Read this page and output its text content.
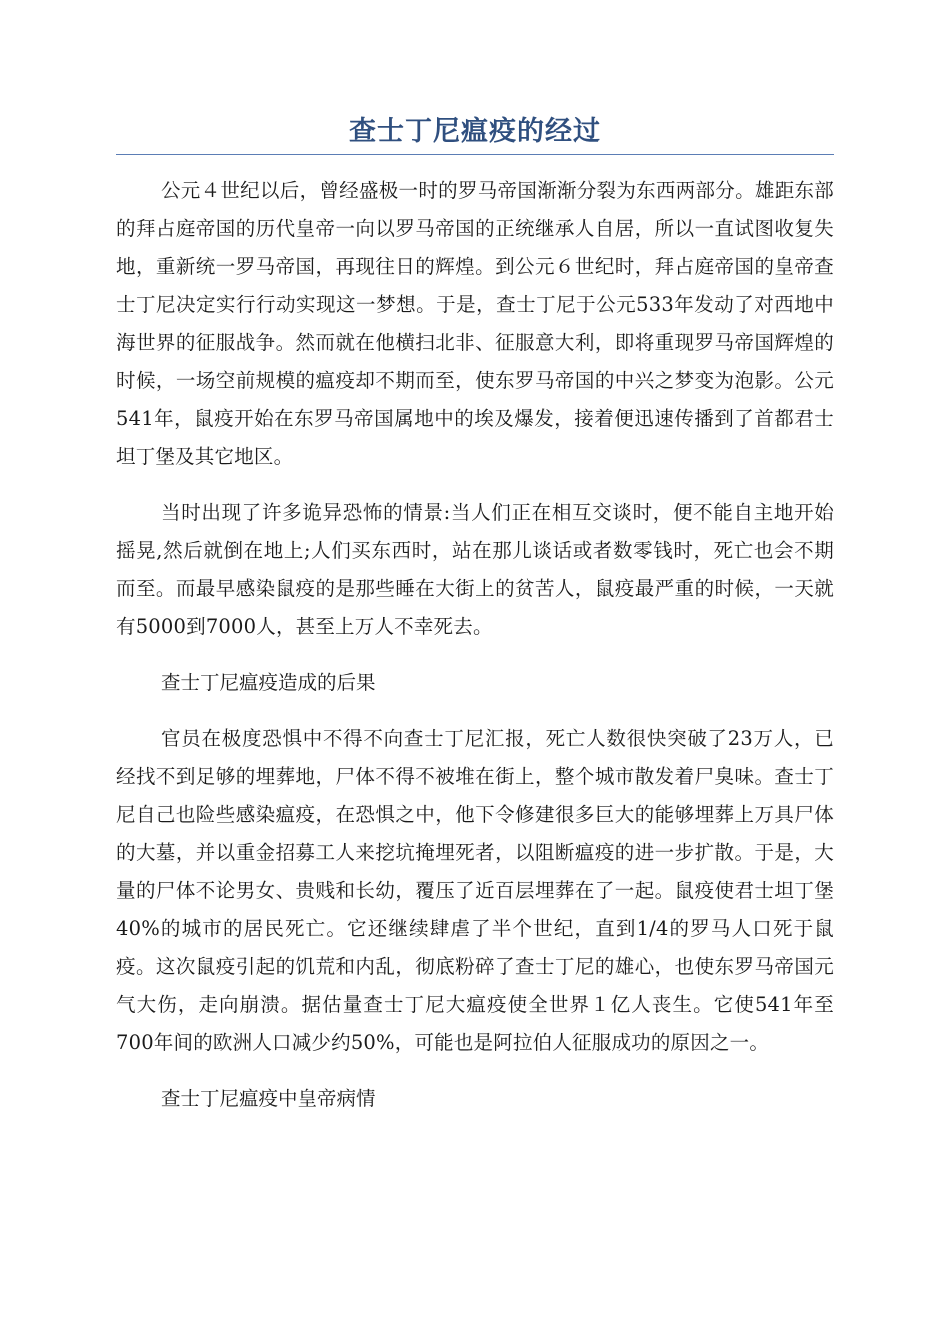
查士丁尼瘟疫的经过

公元４世纪以后，曾经盛极一时的罗马帝国渐渐分裂为东西两部分。雄距东部的拜占庭帝国的历代皇帝一向以罗马帝国的正统继承人自居，所以一直试图收复失地，重新统一罗马帝国，再现往日的辉煌。到公元６世纪时，拜占庭帝国的皇帝查士丁尼决定实行行动实现这一梦想。于是，查士丁尼于公元533年发动了对西地中海世界的征服战争。然而就在他横扫北非、征服意大利，即将重现罗马帝国辉煌的时候，一场空前规模的瘟疫却不期而至，使东罗马帝国的中兴之梦变为泡影。公元541年，鼠疫开始在东罗马帝国属地中的埃及爆发，接着便迅速传播到了首都君士坦丁堡及其它地区。

当时出现了许多诡异恐怖的情景:当人们正在相互交谈时，便不能自主地开始摇晃,然后就倒在地上;人们买东西时，站在那儿谈话或者数零钱时，死亡也会不期而至。而最早感染鼠疫的是那些睡在大街上的贫苦人，鼠疫最严重的时候，一天就有5000到7000人，甚至上万人不幸死去。

查士丁尼瘟疫造成的后果

官员在极度恐惧中不得不向查士丁尼汇报，死亡人数很快突破了23万人，已经找不到足够的埋葬地，尸体不得不被堆在街上，整个城市散发着尸臭味。查士丁尼自己也险些感染瘟疫，在恐惧之中，他下令修建很多巨大的能够埋葬上万具尸体的大墓，并以重金招募工人来挖坑掩埋死者，以阻断瘟疫的进一步扩散。于是，大量的尸体不论男女、贵贱和长幼，覆压了近百层埋葬在了一起。鼠疫使君士坦丁堡40%的城市的居民死亡。它还继续肆虐了半个世纪，直到1/4的罗马人口死于鼠疫。这次鼠疫引起的饥荒和内乱，彻底粉碎了查士丁尼的雄心，也使东罗马帝国元气大伤，走向崩溃。据估量查士丁尼大瘟疫使全世界１亿人丧生。它使541年至700年间的欧洲人口减少约50%，可能也是阿拉伯人征服成功的原因之一。

查士丁尼瘟疫中皇帝病情
